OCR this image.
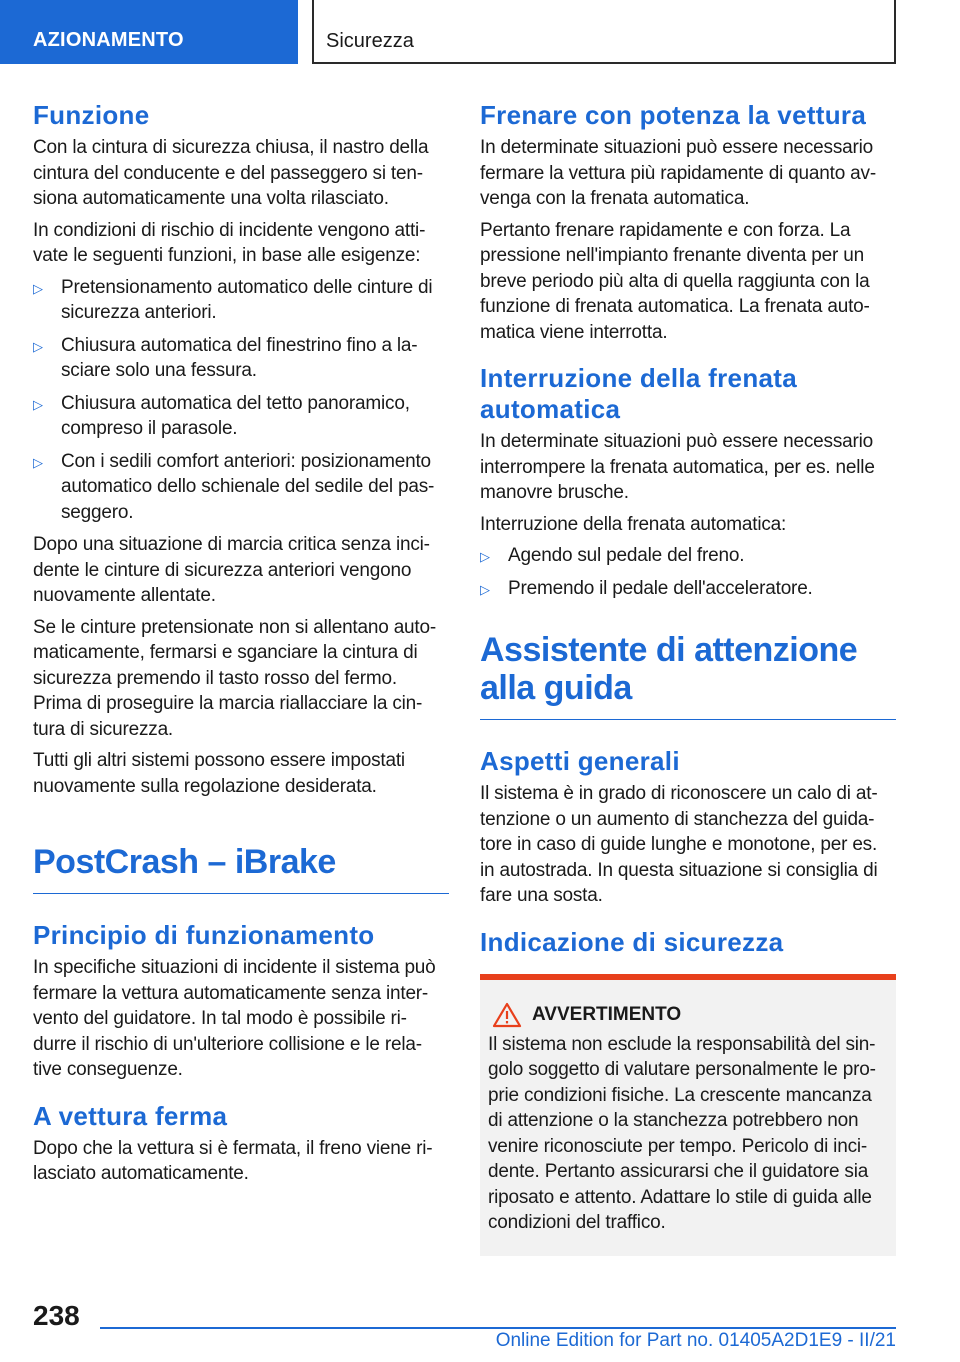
AZIONAMENTO	Sicurezza
Funzione

Con la cintura di sicurezza chiusa, il nastro della cintura del conducente e del passeggero si ten-siona automaticamente una volta rilasciato.

In condizioni di rischio di incidente vengono atti-vate le seguenti funzioni, in base alle esigenze:

▷ Pretensionamento automatico delle cinture di sicurezza anteriori.
▷ Chiusura automatica del finestrino fino a la-sciare solo una fessura.
▷ Chiusura automatica del tetto panoramico, compreso il parasole.
▷ Con i sedili comfort anteriori: posizionamento automatico dello schienale del sedile del pas-seggero.

Dopo una situazione di marcia critica senza inci-dente le cinture di sicurezza anteriori vengono nuovamente allentate.

Se le cinture pretensionate non si allentano auto-maticamente, fermarsi e sganciare la cintura di sicurezza premendo il tasto rosso del fermo. Prima di proseguire la marcia riallacciare la cin-tura di sicurezza.

Tutti gli altri sistemi possono essere impostati nuovamente sulla regolazione desiderata.

PostCrash – iBrake
Principio di funzionamento

In specifiche situazioni di incidente il sistema può fermare la vettura automaticamente senza inter-vento del guidatore. In tal modo è possibile ri-durre il rischio di un'ulteriore collisione e le rela-tive conseguenze.

A vettura ferma

Dopo che la vettura si è fermata, il freno viene ri-lasciato automaticamente.

Frenare con potenza la vettura

In determinate situazioni può essere necessario fermare la vettura più rapidamente di quanto av-venga con la frenata automatica.

Pertanto frenare rapidamente e con forza. La pressione nell'impianto frenante diventa per un breve periodo più alta di quella raggiunta con la funzione di frenata automatica. La frenata auto-matica viene interrotta.

Interruzione della frenata automatica

In determinate situazioni può essere necessario interrompere la frenata automatica, per es. nelle manovre brusche.

Interruzione della frenata automatica:

▷ Agendo sul pedale del freno.
▷ Premendo il pedale dell'acceleratore.
Assistente di attenzione alla guida
Aspetti generali

Il sistema è in grado di riconoscere un calo di at-tenzione o un aumento di stanchezza del guida-tore in caso di guide lunghe e monotone, per es. in autostrada. In questa situazione si consiglia di fare una sosta.

Indicazione di sicurezza
AVVERTIMENTO

Il sistema non esclude la responsabilità del sin-golo soggetto di valutare personalmente le pro-prie condizioni fisiche. La crescente mancanza di attenzione o la stanchezza potrebbero non venire riconosciute per tempo. Pericolo di inci-dente. Pertanto assicurarsi che il guidatore sia riposato e attento. Adattare lo stile di guida alle condizioni del traffico.

238
Online Edition for Part no. 01405A2D1E9 - II/21
